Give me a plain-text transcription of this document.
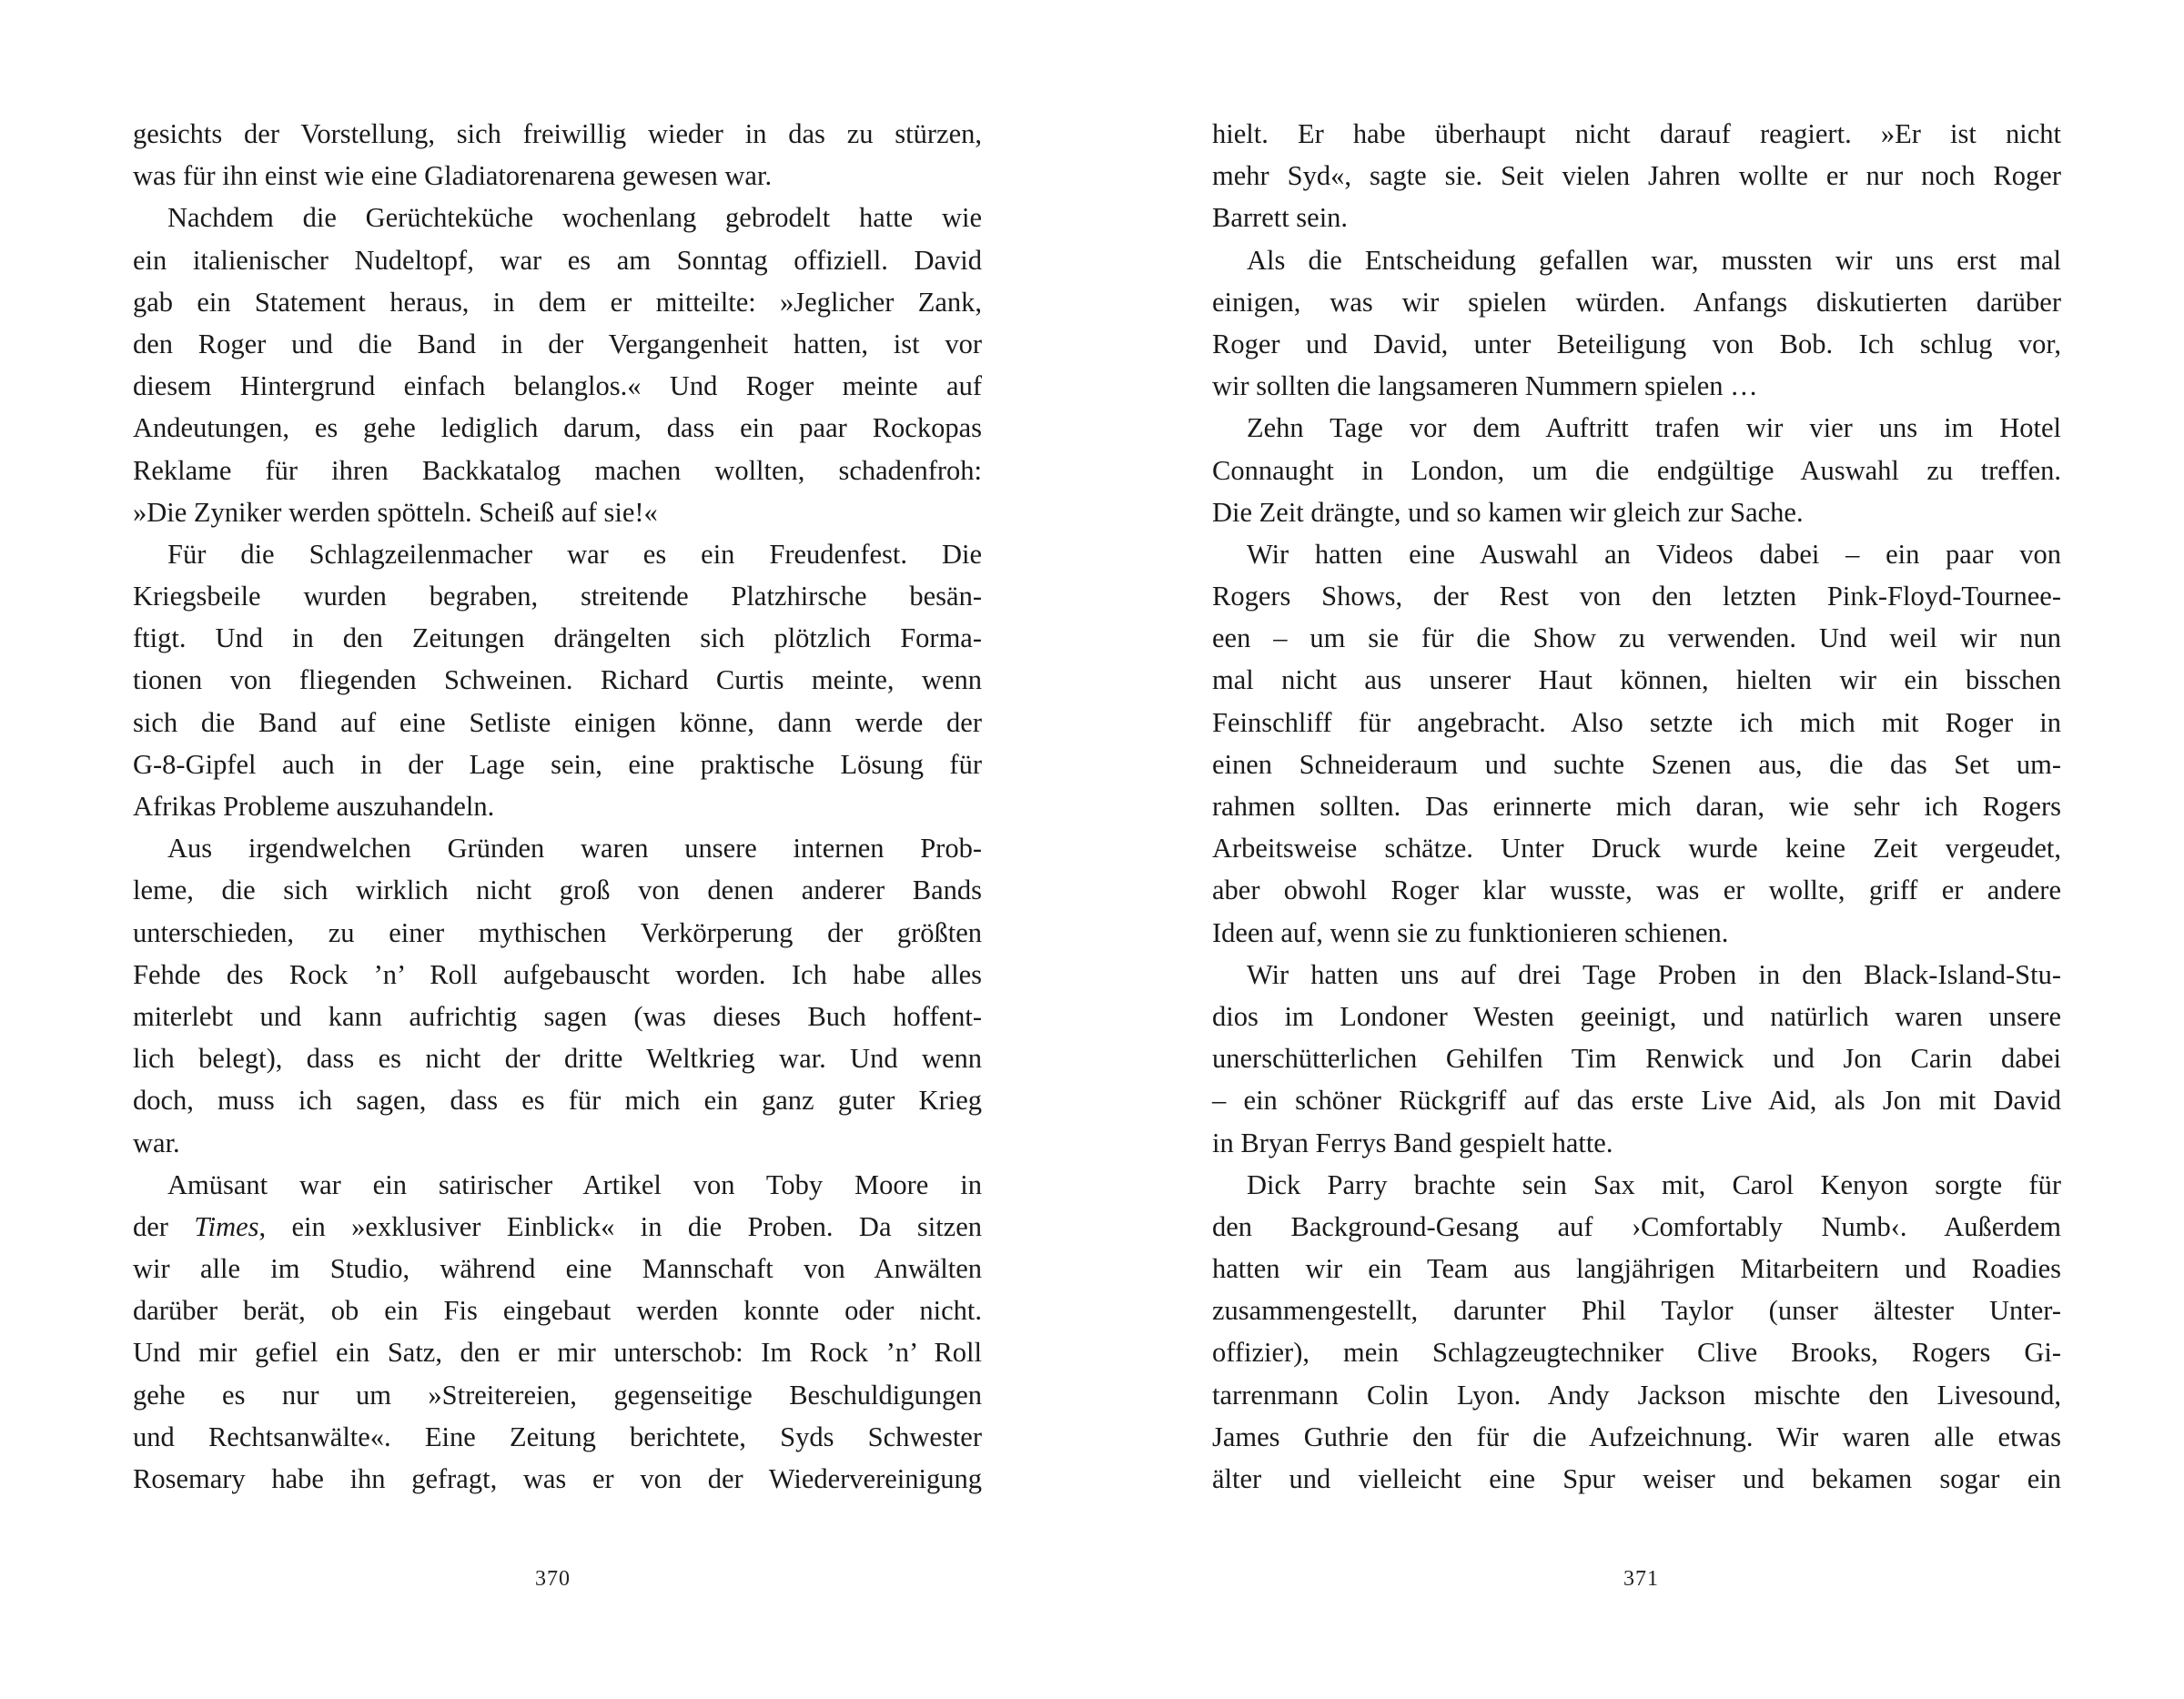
gesichts der Vorstellung, sich freiwillig wieder in das zu stürzen,
was für ihn einst wie eine Gladiatorenarena gewesen war.
Nachdem die Gerüchteküche wochenlang gebrodelt hatte wie
ein italienischer Nudeltopf, war es am Sonntag offiziell. David
gab ein Statement heraus, in dem er mitteilte: »Jeglicher Zank,
den Roger und die Band in der Vergangenheit hatten, ist vor
diesem Hintergrund einfach belanglos.« Und Roger meinte auf
Andeutungen, es gehe lediglich darum, dass ein paar Rockopas
Reklame für ihren Backkatalog machen wollten, schadenfroh:
»Die Zyniker werden spötteln. Scheiß auf sie!«
Für die Schlagzeilenmacher war es ein Freudenfest. Die
Kriegsbeile wurden begraben, streitende Platzhirsche besän-
ftigt. Und in den Zeitungen drängelten sich plötzlich Forma-
tionen von fliegenden Schweinen. Richard Curtis meinte, wenn
sich die Band auf eine Setliste einigen könne, dann werde der
G-8-Gipfel auch in der Lage sein, eine praktische Lösung für
Afrikas Probleme auszuhandeln.
Aus irgendwelchen Gründen waren unsere internen Prob-
leme, die sich wirklich nicht groß von denen anderer Bands
unterschieden, zu einer mythischen Verkörperung der größten
Fehde des Rock ’n’ Roll aufgebauscht worden. Ich habe alles
miterlebt und kann aufrichtig sagen (was dieses Buch hoffent-
lich belegt), dass es nicht der dritte Weltkrieg war. Und wenn
doch, muss ich sagen, dass es für mich ein ganz guter Krieg
war.
Amüsant war ein satirischer Artikel von Toby Moore in
der Times, ein »exklusiver Einblick« in die Proben. Da sitzen
wir alle im Studio, während eine Mannschaft von Anwälten
darüber berät, ob ein Fis eingebaut werden konnte oder nicht.
Und mir gefiel ein Satz, den er mir unterschob: Im Rock ’n’ Roll
gehe es nur um »Streitereien, gegenseitige Beschuldigungen
und Rechtsanwälte«. Eine Zeitung berichtete, Syds Schwester
Rosemary habe ihn gefragt, was er von der Wiedervereinigung
hielt. Er habe überhaupt nicht darauf reagiert. »Er ist nicht
mehr Syd«, sagte sie. Seit vielen Jahren wollte er nur noch Roger
Barrett sein.
Als die Entscheidung gefallen war, mussten wir uns erst mal
einigen, was wir spielen würden. Anfangs diskutierten darüber
Roger und David, unter Beteiligung von Bob. Ich schlug vor,
wir sollten die langsameren Nummern spielen …
Zehn Tage vor dem Auftritt trafen wir vier uns im Hotel
Connaught in London, um die endgültige Auswahl zu treffen.
Die Zeit drängte, und so kamen wir gleich zur Sache.
Wir hatten eine Auswahl an Videos dabei – ein paar von
Rogers Shows, der Rest von den letzten Pink-Floyd-Tournee-
een – um sie für die Show zu verwenden. Und weil wir nun
mal nicht aus unserer Haut können, hielten wir ein bisschen
Feinschliff für angebracht. Also setzte ich mich mit Roger in
einen Schneideraum und suchte Szenen aus, die das Set um-
rahmen sollten. Das erinnerte mich daran, wie sehr ich Rogers
Arbeitsweise schätze. Unter Druck wurde keine Zeit vergeudet,
aber obwohl Roger klar wusste, was er wollte, griff er andere
Ideen auf, wenn sie zu funktionieren schienen.
Wir hatten uns auf drei Tage Proben in den Black-Island-Stu-
dios im Londoner Westen geeinigt, und natürlich waren unsere
unerschütterlichen Gehilfen Tim Renwick und Jon Carin dabei
– ein schöner Rückgriff auf das erste Live Aid, als Jon mit David
in Bryan Ferrys Band gespielt hatte.
Dick Parry brachte sein Sax mit, Carol Kenyon sorgte für
den Background-Gesang auf ›Comfortably Numb‹. Außerdem
hatten wir ein Team aus langjährigen Mitarbeitern und Roadies
zusammengestellt, darunter Phil Taylor (unser ältester Unter-
offizier), mein Schlagzeugtechniker Clive Brooks, Rogers Gi-
tarrenmann Colin Lyon. Andy Jackson mischte den Livesound,
James Guthrie den für die Aufzeichnung. Wir waren alle etwas
älter und vielleicht eine Spur weiser und bekamen sogar ein
370	371
